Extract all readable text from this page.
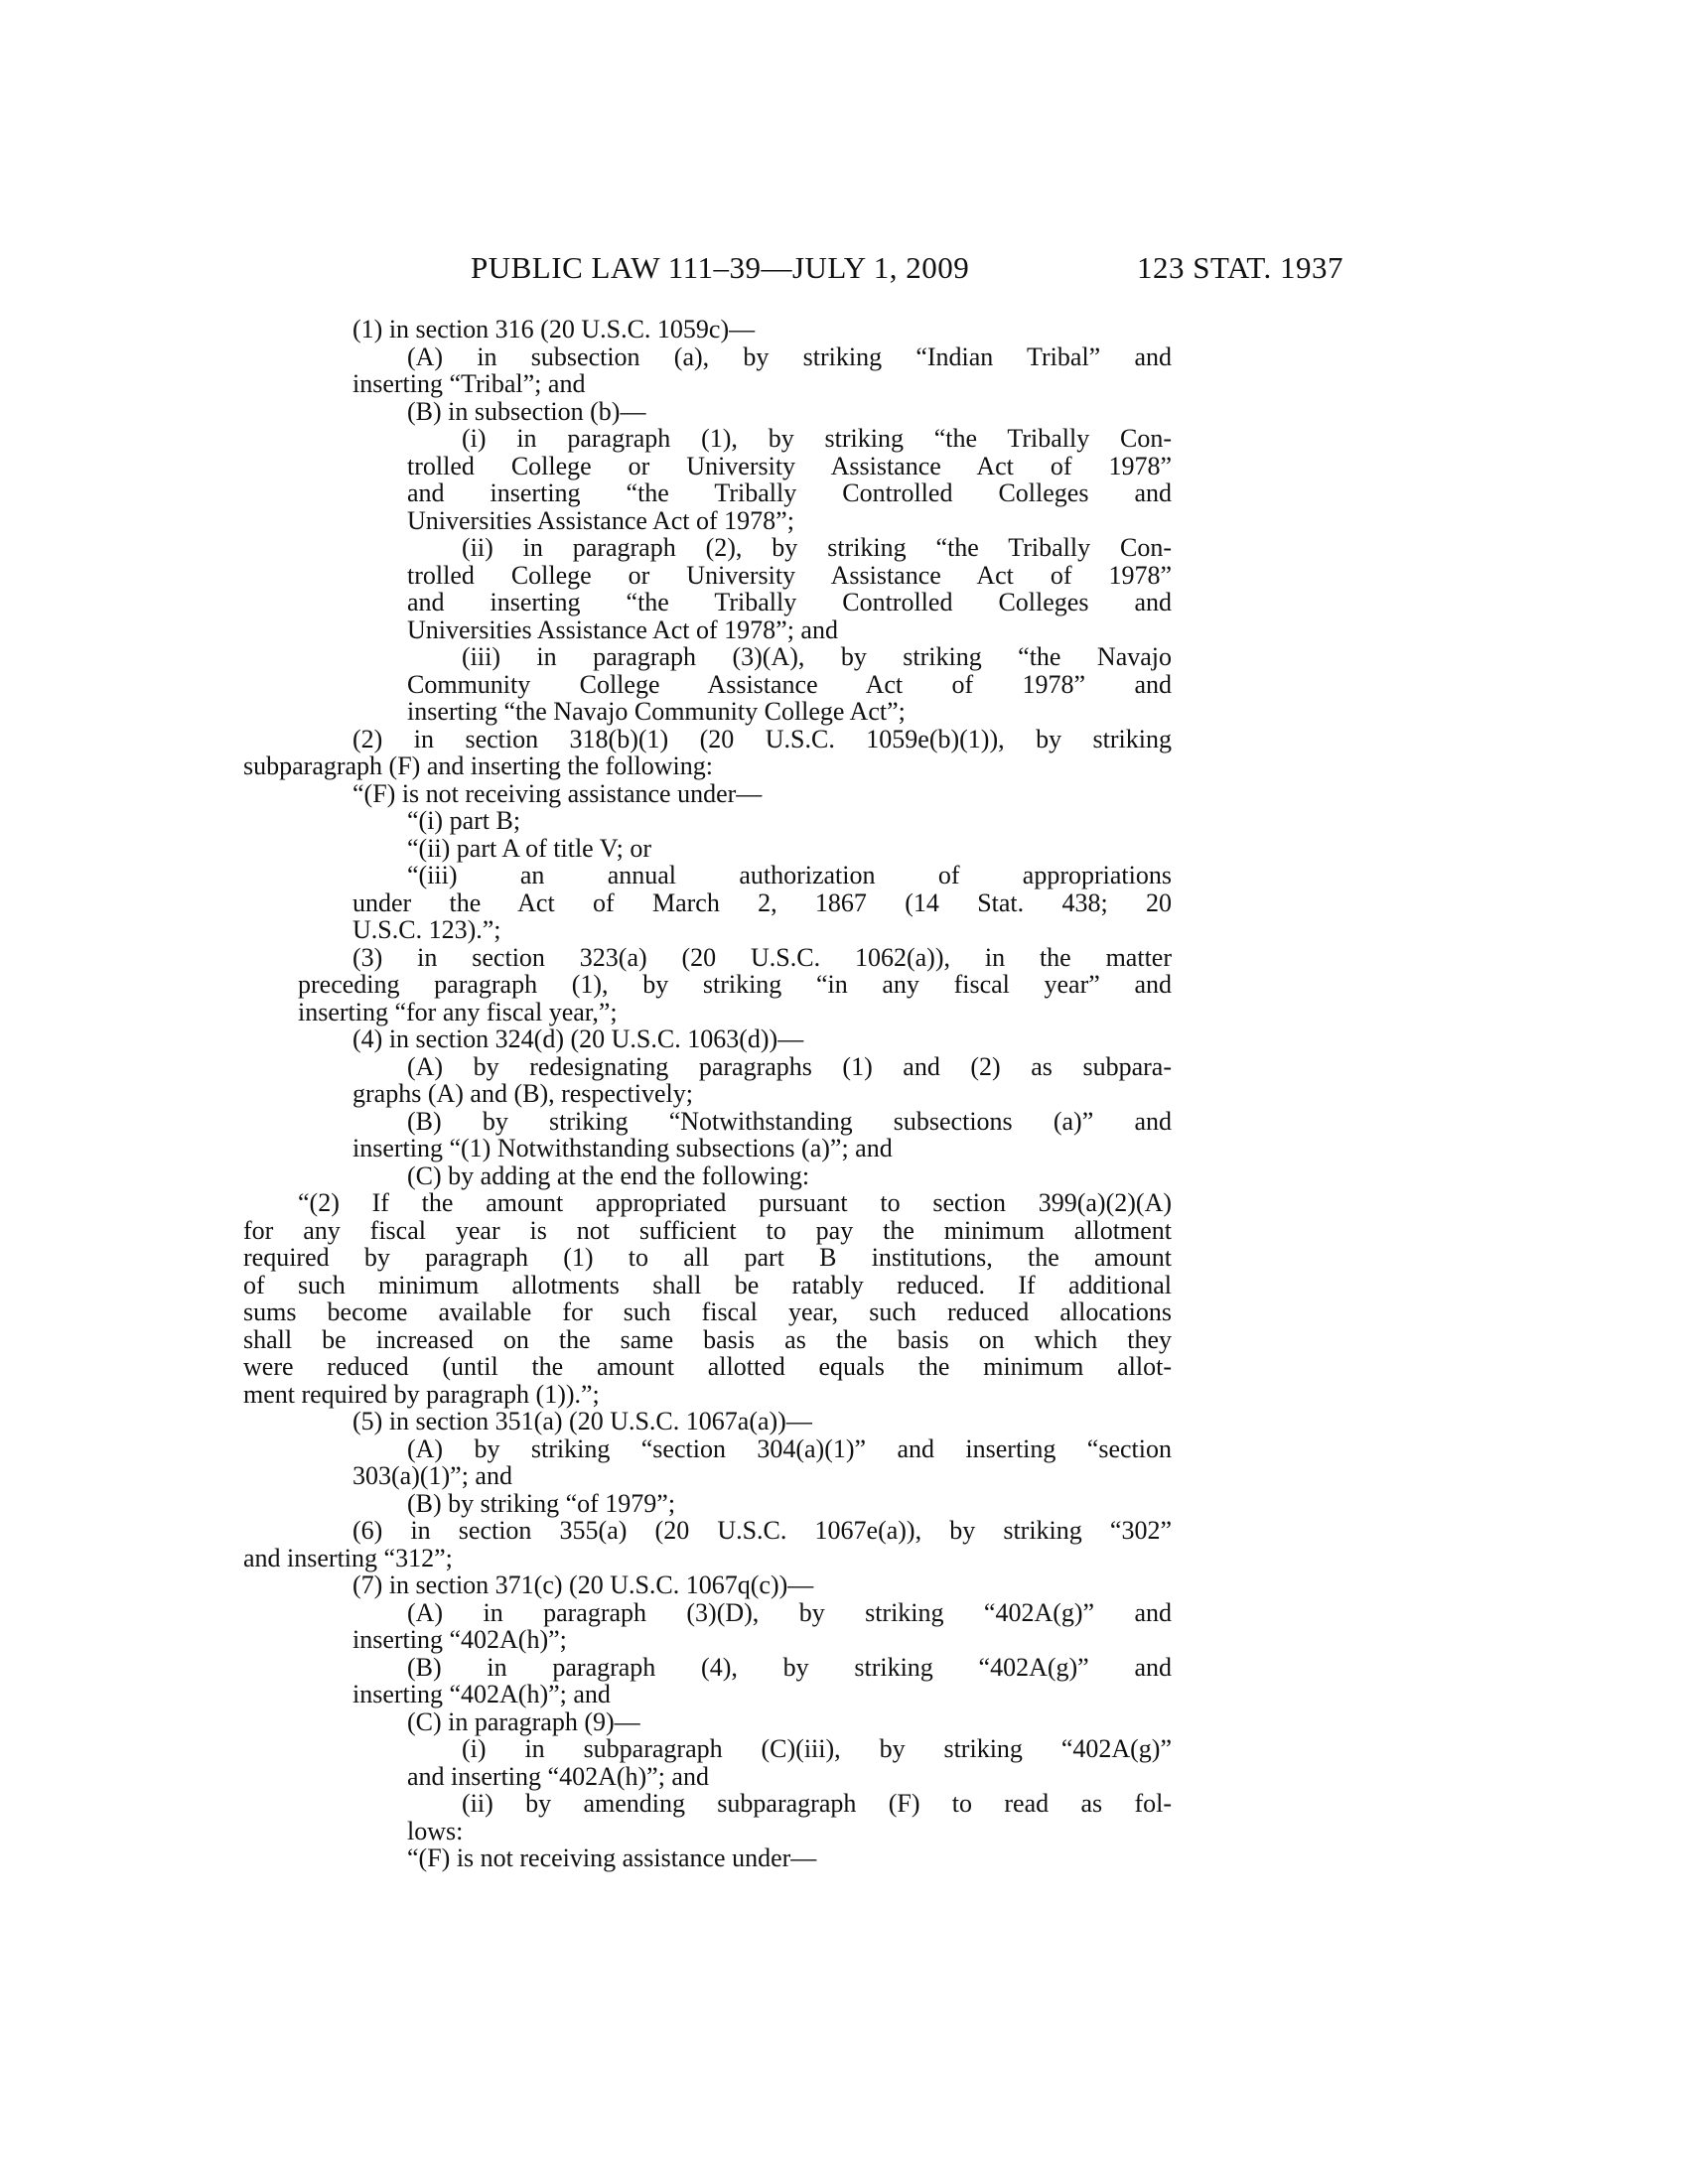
PUBLIC LAW 111–39—JULY 1, 2009	123 STAT. 1937
(1) in section 316 (20 U.S.C. 1059c)—
(A) in subsection (a), by striking “Indian Tribal” and
inserting “Tribal”; and
(B) in subsection (b)—
(i) in paragraph (1), by striking “the Tribally Con-
trolled College or University Assistance Act of 1978”
and inserting “the Tribally Controlled Colleges and
Universities Assistance Act of 1978”;
(ii) in paragraph (2), by striking “the Tribally Con-
trolled College or University Assistance Act of 1978”
and inserting “the Tribally Controlled Colleges and
Universities Assistance Act of 1978”; and
(iii) in paragraph (3)(A), by striking “the Navajo
Community College Assistance Act of 1978” and
inserting “the Navajo Community College Act”;
(2) in section 318(b)(1) (20 U.S.C. 1059e(b)(1)), by striking
subparagraph (F) and inserting the following:
“(F) is not receiving assistance under—
“(i) part B;
“(ii) part A of title V; or
“(iii) an annual authorization of appropriations
under the Act of March 2, 1867 (14 Stat. 438; 20
U.S.C. 123).”;
(3) in section 323(a) (20 U.S.C. 1062(a)), in the matter
preceding paragraph (1), by striking “in any fiscal year” and
inserting “for any fiscal year,”;
(4) in section 324(d) (20 U.S.C. 1063(d))—
(A) by redesignating paragraphs (1) and (2) as subpara-
graphs (A) and (B), respectively;
(B) by striking “Notwithstanding subsections (a)” and
inserting “(1) Notwithstanding subsections (a)”; and
(C) by adding at the end the following:
“(2) If the amount appropriated pursuant to section 399(a)(2)(A)
for any fiscal year is not sufficient to pay the minimum allotment
required by paragraph (1) to all part B institutions, the amount
of such minimum allotments shall be ratably reduced. If additional
sums become available for such fiscal year, such reduced allocations
shall be increased on the same basis as the basis on which they
were reduced (until the amount allotted equals the minimum allot-
ment required by paragraph (1)).”;
(5) in section 351(a) (20 U.S.C. 1067a(a))—
(A) by striking “section 304(a)(1)” and inserting “section
303(a)(1)”; and
(B) by striking “of 1979”;
(6) in section 355(a) (20 U.S.C. 1067e(a)), by striking “302”
and inserting “312”;
(7) in section 371(c) (20 U.S.C. 1067q(c))—
(A) in paragraph (3)(D), by striking “402A(g)” and
inserting “402A(h)”;
(B) in paragraph (4), by striking “402A(g)” and
inserting “402A(h)”; and
(C) in paragraph (9)—
(i) in subparagraph (C)(iii), by striking “402A(g)”
and inserting “402A(h)”; and
(ii) by amending subparagraph (F) to read as fol-
lows:
“(F) is not receiving assistance under—
